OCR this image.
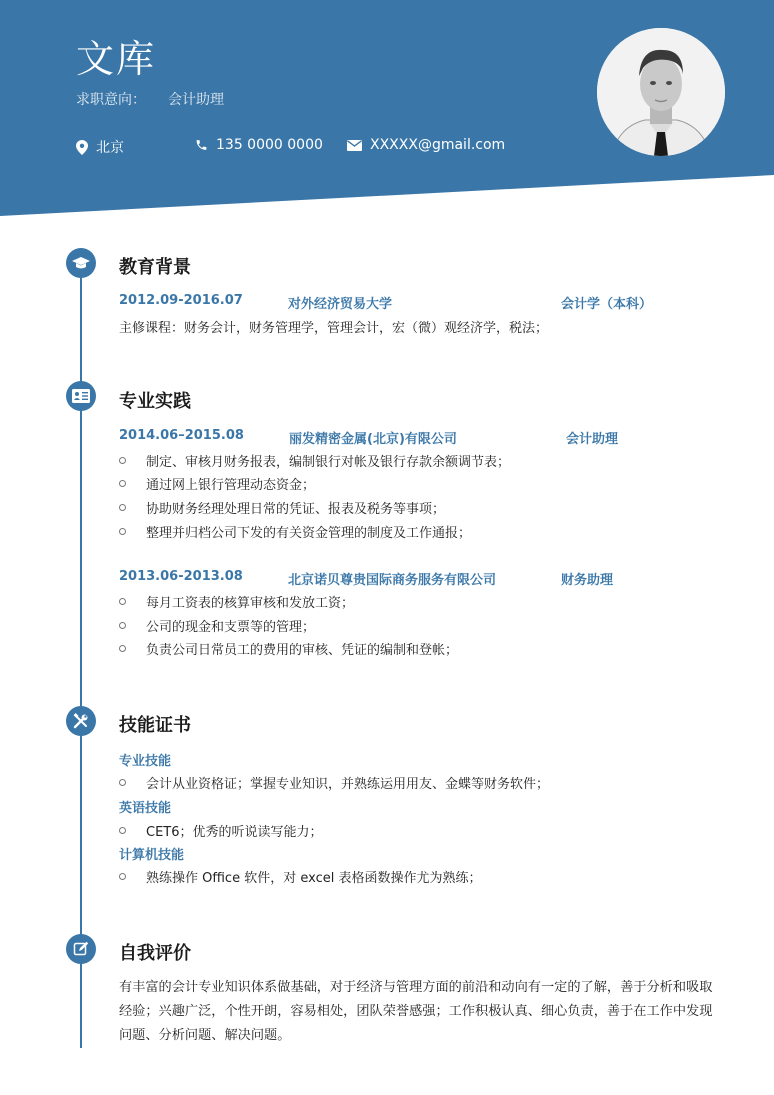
文库
求职意向： 会计助理
北京	135 0000 0000	XXXXX@gmail.com
教育背景
2012.09-2016.07	对外经济贸易大学	会计学（本科）
主修课程：财务会计，财务管理学，管理会计，宏（微）观经济学，税法；
专业实践
2014.06–2015.08	丽发精密金属(北京)有限公司	会计助理
制定、审核月财务报表，编制银行对帐及银行存款余额调节表；
通过网上银行管理动态资金；
协助财务经理处理日常的凭证、报表及税务等事项；
整理并归档公司下发的有关资金管理的制度及工作通报；
2013.06-2013.08	北京诺贝尊贵国际商务服务有限公司	财务助理
每月工资表的核算审核和发放工资；
公司的现金和支票等的管理；
负责公司日常员工的费用的审核、凭证的编制和登帐；
技能证书
专业技能
会计从业资格证；掌握专业知识，并熟练运用用友、金蝶等财务软件；
英语技能
CET6；优秀的听说读写能力；
计算机技能
熟练操作 Office 软件，对 excel 表格函数操作尤为熟练；
自我评价
有丰富的会计专业知识体系做基础，对于经济与管理方面的前沿和动向有一定的了解，善于分析和吸取经验；兴趣广泛，个性开朗，容易相处，团队荣誉感强；工作积极认真、细心负责，善于在工作中发现问题、分析问题、解决问题。
